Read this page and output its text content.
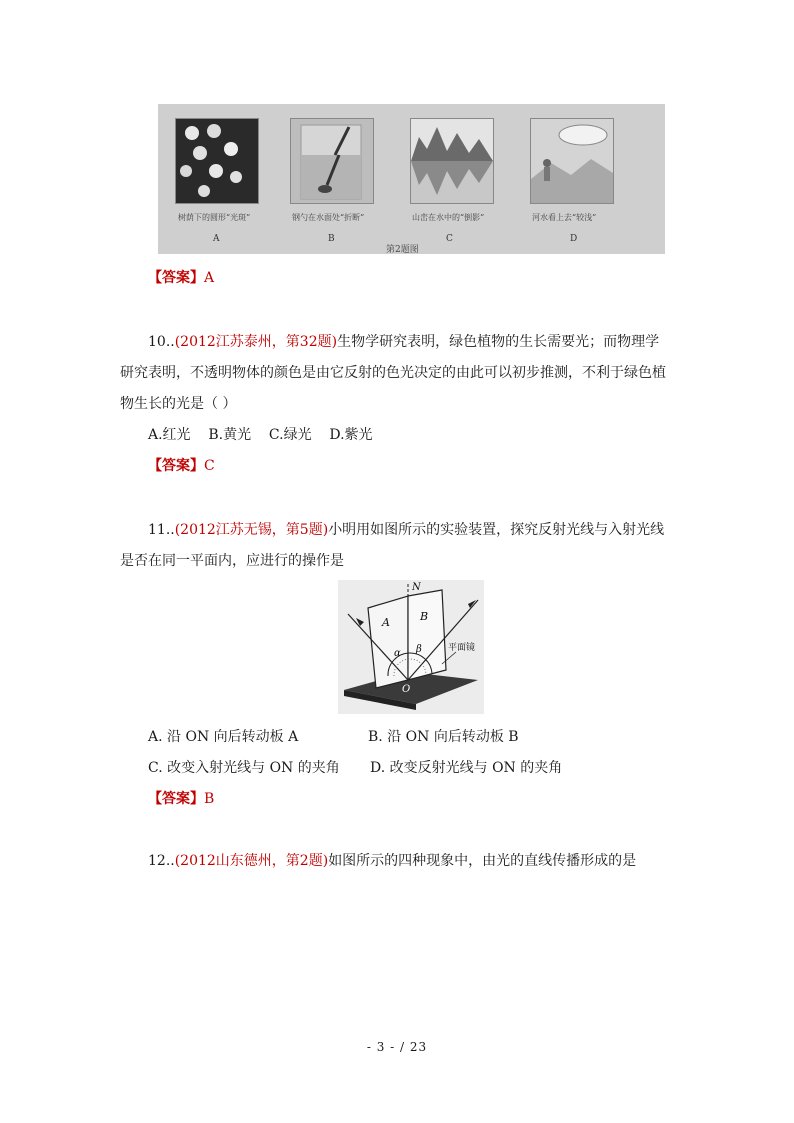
树荫下的圆形“光斑”	钢勺在水面处“折断”	山峦在水中的“倒影”	河水看上去“较浅”
A	B	C	D
第2题图
【答案】A
10..(2012江苏泰州，第32题)生物学研究表明，绿色植物的生长需要光；而物理学
研究表明，不透明物体的颜色是由它反射的色光决定的由此可以初步推测，不利于绿色植
物生长的光是（ ）
A.红光    B.黄光    C.绿光    D.紫光
【答案】C
11..(2012江苏无锡，第5题)小明用如图所示的实验装置，探究反射光线与入射光线
是否在同一平面内，应进行的操作是
N
A	B
α β
O
平面镜
A. 沿 ON 向后转动板 A	B. 沿 ON 向后转动板 B
C. 改变入射光线与 ON 的夹角 D. 改变反射光线与 ON 的夹角
【答案】B
12..(2012山东德州，第2题)如图所示的四种现象中，由光的直线传播形成的是
- 3 - / 23
